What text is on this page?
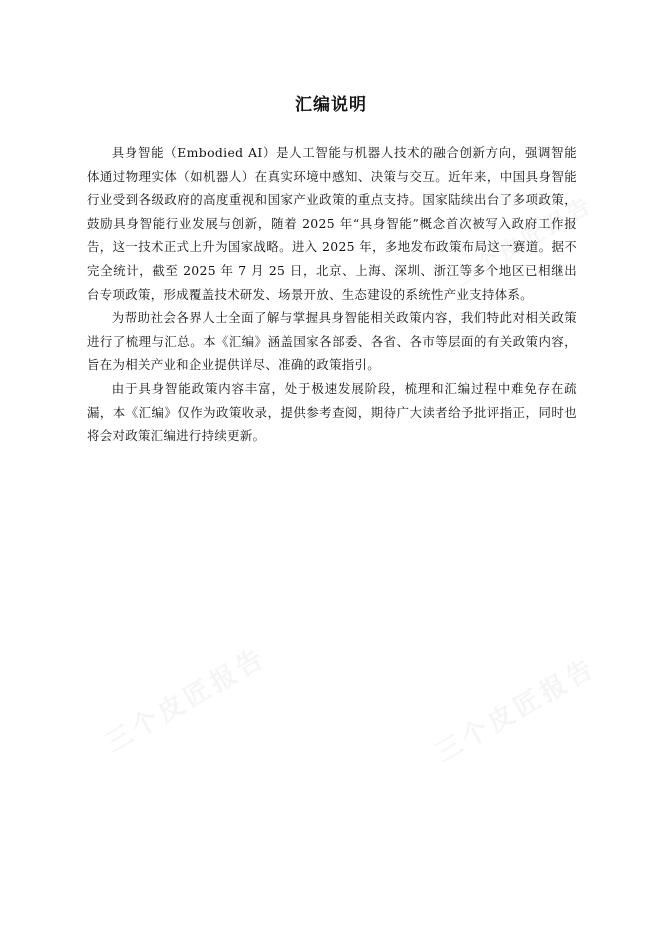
汇编说明

具身智能（Embodied AI）是人工智能与机器人技术的融合创新方向，强调智能体通过物理实体（如机器人）在真实环境中感知、决策与交互。近年来，中国具身智能行业受到各级政府的高度重视和国家产业政策的重点支持。国家陆续出台了多项政策，鼓励具身智能行业发展与创新，随着 2025 年“具身智能”概念首次被写入政府工作报告，这一技术正式上升为国家战略。进入 2025 年，多地发布政策布局这一赛道。据不完全统计，截至 2025 年 7 月 25 日，北京、上海、深圳、浙江等多个地区已相继出台专项政策，形成覆盖技术研发、场景开放、生态建设的系统性产业支持体系。

为帮助社会各界人士全面了解与掌握具身智能相关政策内容，我们特此对相关政策进行了梳理与汇总。本《汇编》涵盖国家各部委、各省、各市等层面的有关政策内容，旨在为相关产业和企业提供详尽、准确的政策指引。

由于具身智能政策内容丰富，处于极速发展阶段，梳理和汇编过程中难免存在疏漏，本《汇编》仅作为政策收录，提供参考查阅，期待广大读者给予批评指正，同时也将会对政策汇编进行持续更新。
